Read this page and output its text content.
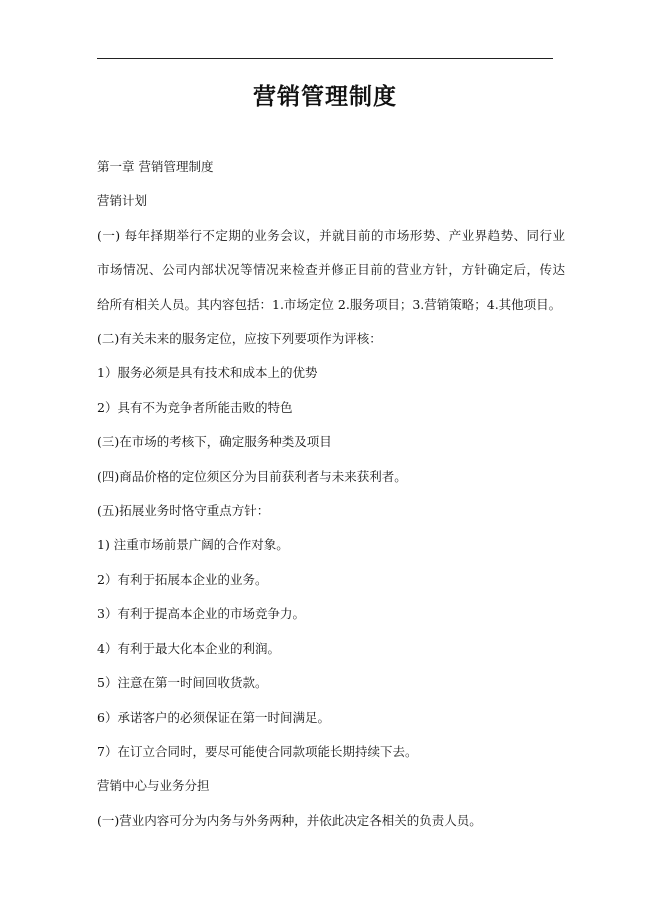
营销管理制度
第一章 营销管理制度
营销计划
(一) 每年择期举行不定期的业务会议，并就目前的市场形势、产业界趋势、同行业
市场情况、公司内部状况等情况来检查并修正目前的营业方针，方针确定后，传达
给所有相关人员。其内容包括：1.市场定位 2.服务项目；3.营销策略；4.其他项目。
(二)有关未来的服务定位，应按下列要项作为评核：
1）服务必须是具有技术和成本上的优势
2）具有不为竞争者所能击败的特色
(三)在市场的考核下，确定服务种类及项目
(四)商品价格的定位须区分为目前获利者与未来获利者。
(五)拓展业务时恪守重点方针：
1) 注重市场前景广阔的合作对象。
2）有利于拓展本企业的业务。
3）有利于提高本企业的市场竞争力。
4）有利于最大化本企业的利润。
5）注意在第一时间回收货款。
6）承诺客户的必须保证在第一时间满足。
7）在订立合同时，要尽可能使合同款项能长期持续下去。
营销中心与业务分担
(一)营业内容可分为内务与外务两种，并依此决定各相关的负责人员。
